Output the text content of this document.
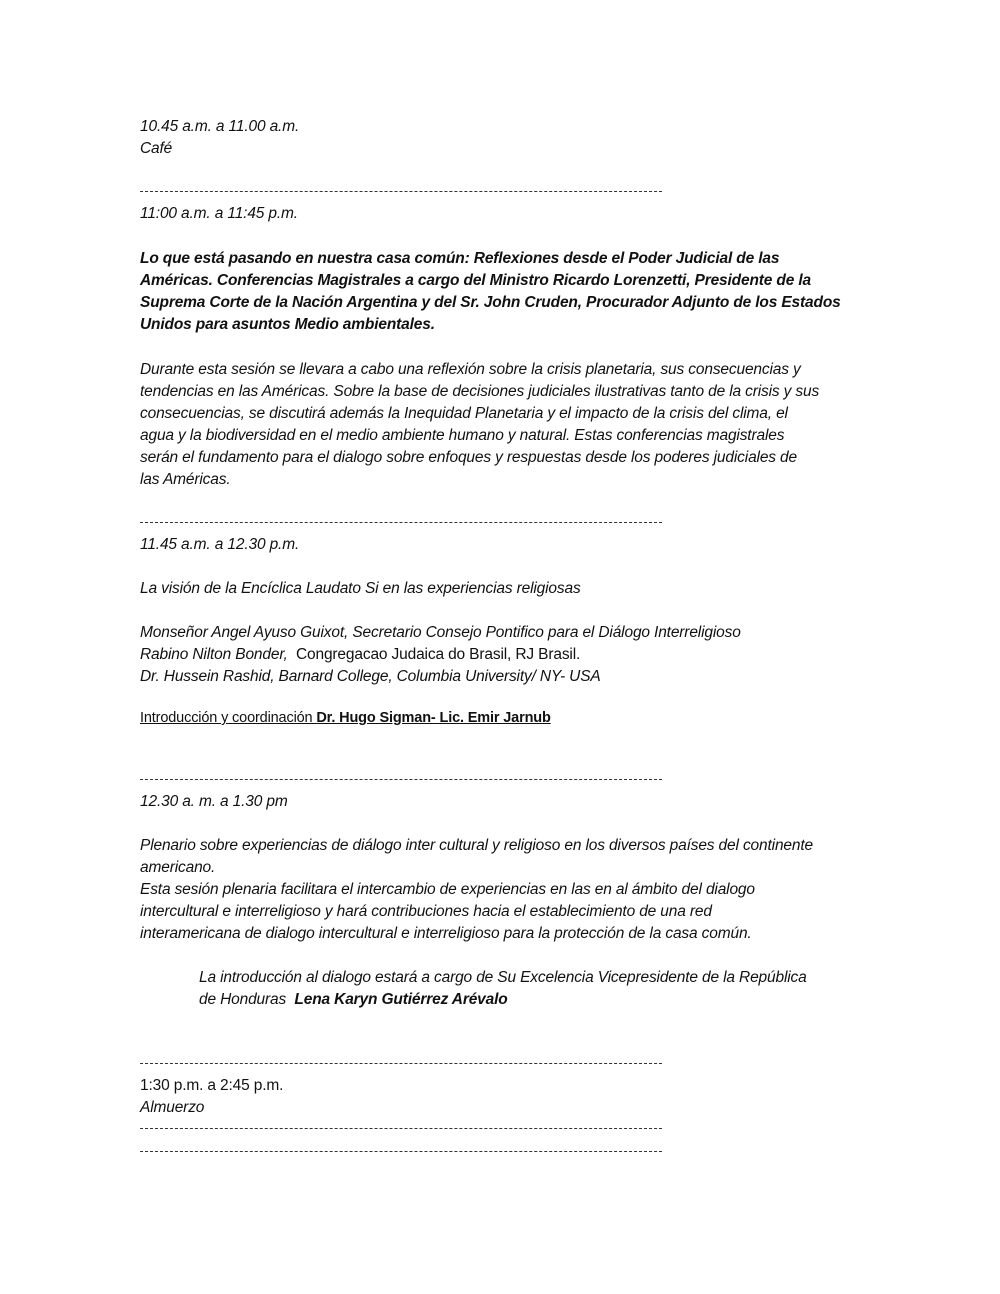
10.45 a.m. a 11.00 a.m.
Café
11:00 a.m. a 11:45 p.m.
Lo que está pasando en nuestra casa común: Reflexiones desde el Poder Judicial de las
Américas. Conferencias Magistrales a cargo del Ministro Ricardo Lorenzetti, Presidente de la
Suprema Corte de la Nación Argentina y del Sr. John Cruden, Procurador Adjunto de los Estados
Unidos para asuntos Medio ambientales.
Durante esta sesión se llevara a cabo una reflexión sobre la crisis planetaria, sus consecuencias y
tendencias en las Américas. Sobre la base de decisiones judiciales ilustrativas tanto de la crisis y sus
consecuencias, se discutirá además la Inequidad Planetaria y el impacto de la crisis del clima, el
agua y la biodiversidad en el medio ambiente humano y natural. Estas conferencias magistrales
serán el fundamento para el dialogo sobre enfoques y respuestas desde los poderes judiciales de
las Américas.
11.45 a.m. a 12.30 p.m.
La visión de la Encíclica Laudato Si en las experiencias religiosas
Monseñor Angel Ayuso Guixot, Secretario Consejo Pontifico para el Diálogo Interreligioso
Rabino Nilton Bonder,  Congregacao Judaica do Brasil, RJ Brasil.
Dr. Hussein Rashid, Barnard College, Columbia University/ NY- USA
Introducción y coordinación Dr. Hugo Sigman- Lic. Emir Jarnub
12.30 a. m. a 1.30 pm
Plenario sobre experiencias de diálogo inter cultural y religioso en los diversos países del continente
americano.
Esta sesión plenaria facilitara el intercambio de experiencias en las en al ámbito del dialogo
intercultural e interreligioso y hará contribuciones hacia el establecimiento de una red
interamericana de dialogo intercultural e interreligioso para la protección de la casa común.
La introducción al dialogo estará a cargo de Su Excelencia Vicepresidente de la República
de Honduras  Lena Karyn Gutiérrez Arévalo
1:30 p.m. a 2:45 p.m.
Almuerzo
